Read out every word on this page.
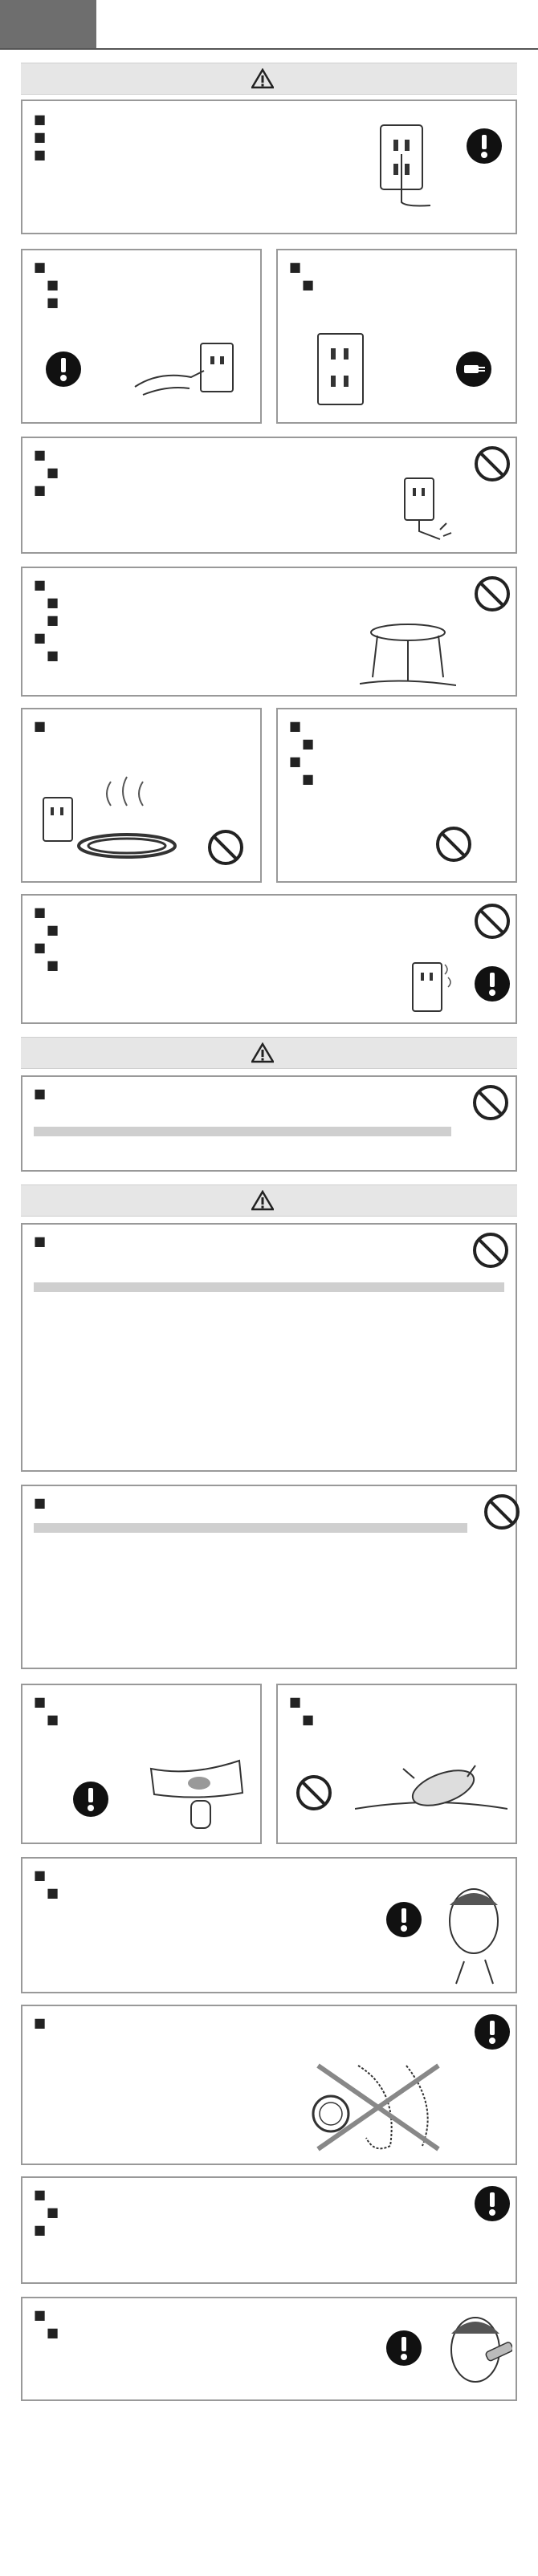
■
■
■
■
■
■
■
■
■
■
■
■
■
■
■
■
■
■
■
■
■
■
■
■
■
■
■
■
■
■
■
■
■
■
■
■
■
■
■
■
